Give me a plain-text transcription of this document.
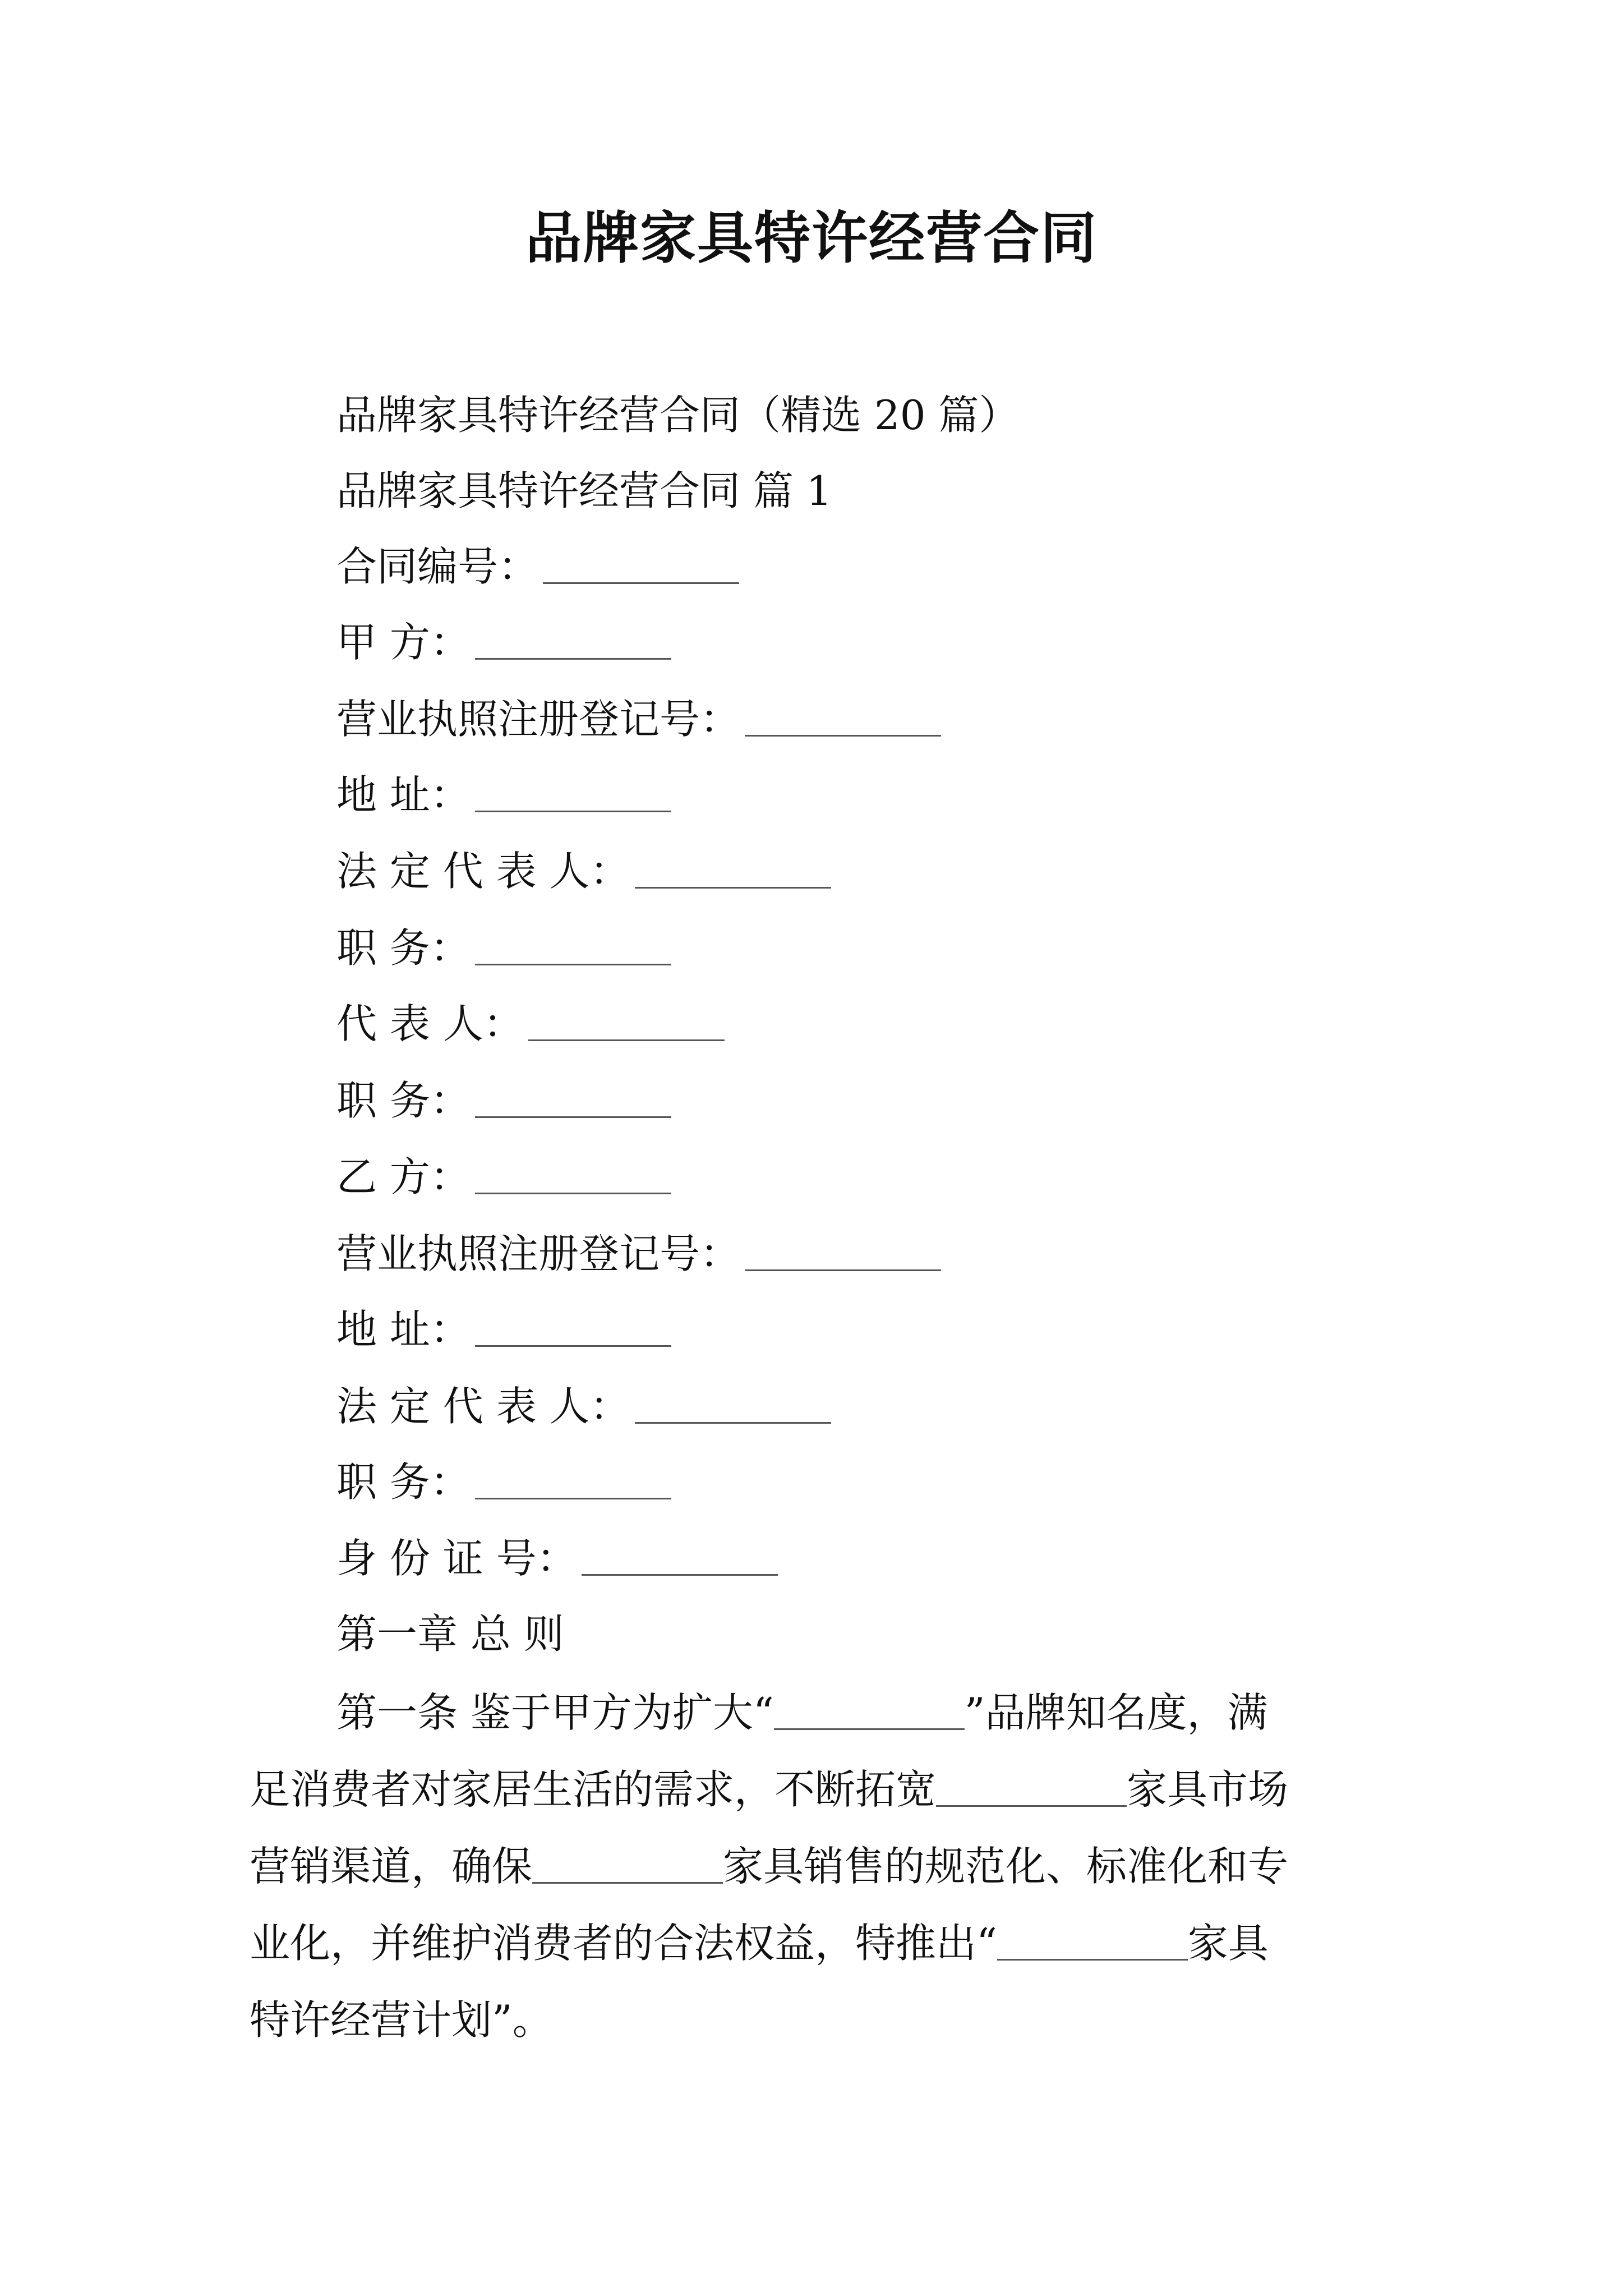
品牌家具特许经营合同

品牌家具特许经营合同（精选 20 篇）

品牌家具特许经营合同 篇 1

合同编号：

甲 方：

营业执照注册登记号：

地 址：

法 定 代 表 人：

职 务：

代 表 人：

职 务：

乙 方：

营业执照注册登记号：

地 址：

法 定 代 表 人：

职 务：

身 份 证 号：

第一章 总 则

第一条 鉴于甲方为扩大“	”品牌知名度，满
足消费者对家居生活的需求，不断拓宽	家具市场
营销渠道，确保	家具销售的规范化、标准化和专
业化，并维护消费者的合法权益，特推出“	家具
特许经营计划”。
